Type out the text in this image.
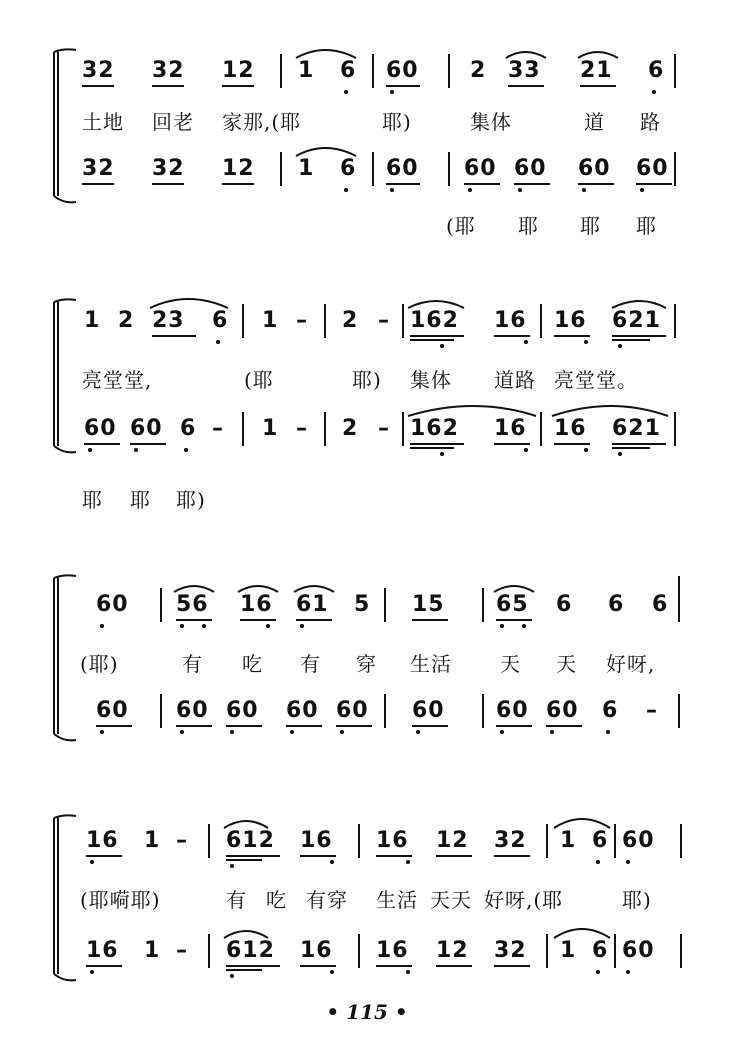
32 32 12 1 6 60 2 33 21 6
土地 回老 家那,(耶	耶)	集体	道 路
32 32 12 1 6 60 60 60 60 60
(耶 耶 耶 耶
1 2 23 6 1 – 2 – 162 16 16 621
亮堂堂,	(耶	耶) 集体 道路 亮堂堂。
60 60 6 – 1 – 2 – 162 16 16 621
耶 耶 耶)
60 56 16 61 5 15 65 6 6 6
(耶)	有 吃 有 穿 生活 天 天 好呀,
60 60 60 60 60 60 60 60 6 –
16 1 – 612 16 16 12 32 1 6 60
(耶嗬耶)	有 吃 有穿 生活 天天 好呀,(耶	耶)
16 1 – 612 16 16 12 32 1 6 60
• 115 •
